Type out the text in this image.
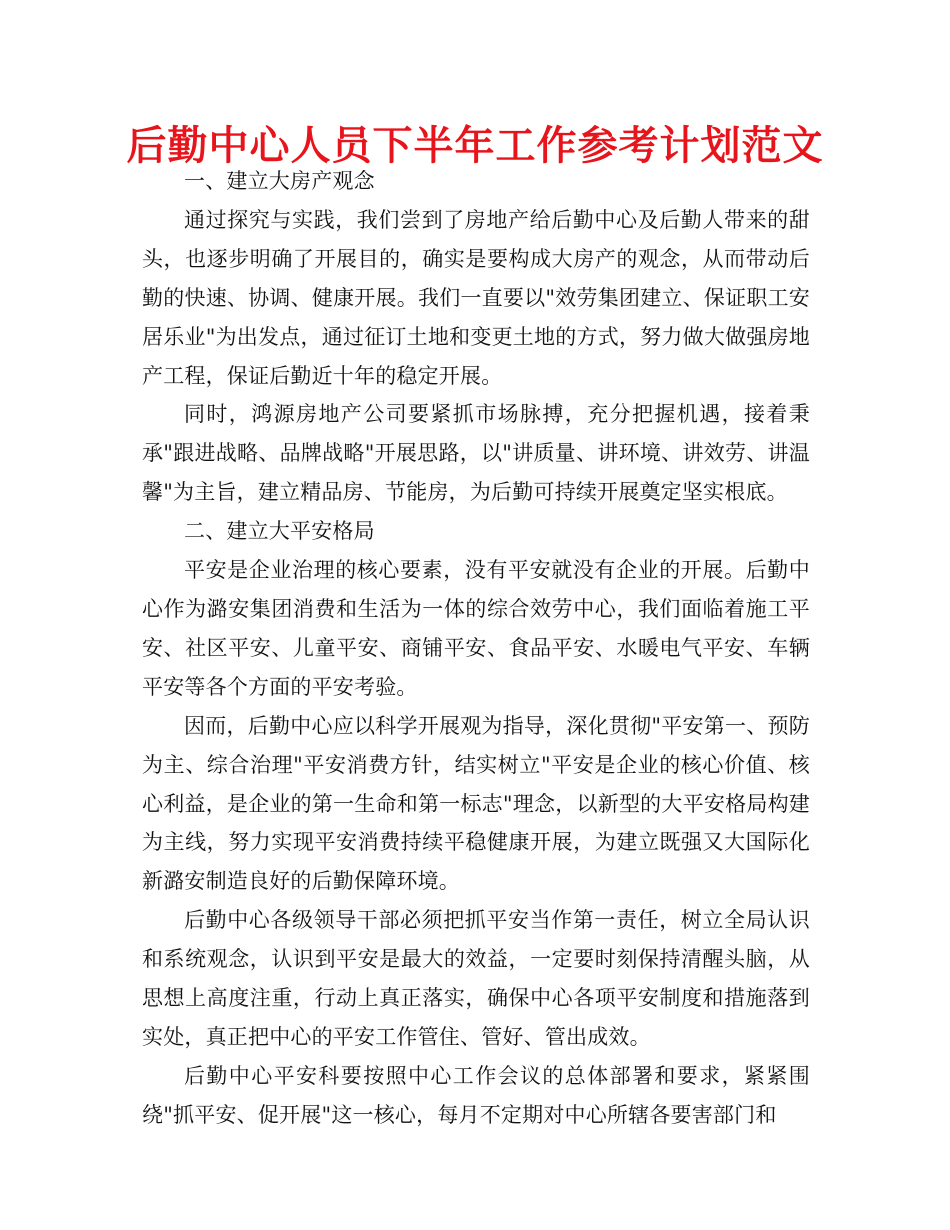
后勤中心人员下半年工作参考计划范文

一、建立大房产观念

通过探究与实践，我们尝到了房地产给后勤中心及后勤人带来的甜头，也逐步明确了开展目的，确实是要构成大房产的观念，从而带动后勤的快速、协调、健康开展。我们一直要以"效劳集团建立、保证职工安居乐业"为出发点，通过征订土地和变更土地的方式，努力做大做强房地产工程，保证后勤近十年的稳定开展。

同时，鸿源房地产公司要紧抓市场脉搏，充分把握机遇，接着秉承"跟进战略、品牌战略"开展思路，以"讲质量、讲环境、讲效劳、讲温馨"为主旨，建立精品房、节能房，为后勤可持续开展奠定坚实根底。

二、建立大平安格局

平安是企业治理的核心要素，没有平安就没有企业的开展。后勤中心作为潞安集团消费和生活为一体的综合效劳中心，我们面临着施工平安、社区平安、儿童平安、商铺平安、食品平安、水暖电气平安、车辆平安等各个方面的平安考验。

因而，后勤中心应以科学开展观为指导，深化贯彻"平安第一、预防为主、综合治理"平安消费方针，结实树立"平安是企业的核心价值、核心利益，是企业的第一生命和第一标志"理念，以新型的大平安格局构建为主线，努力实现平安消费持续平稳健康开展，为建立既强又大国际化新潞安制造良好的后勤保障环境。

后勤中心各级领导干部必须把抓平安当作第一责任，树立全局认识和系统观念，认识到平安是最大的效益，一定要时刻保持清醒头脑，从思想上高度注重，行动上真正落实，确保中心各项平安制度和措施落到实处，真正把中心的平安工作管住、管好、管出成效。

后勤中心平安科要按照中心工作会议的总体部署和要求，紧紧围绕"抓平安、促开展"这一核心，每月不定期对中心所辖各要害部门和
